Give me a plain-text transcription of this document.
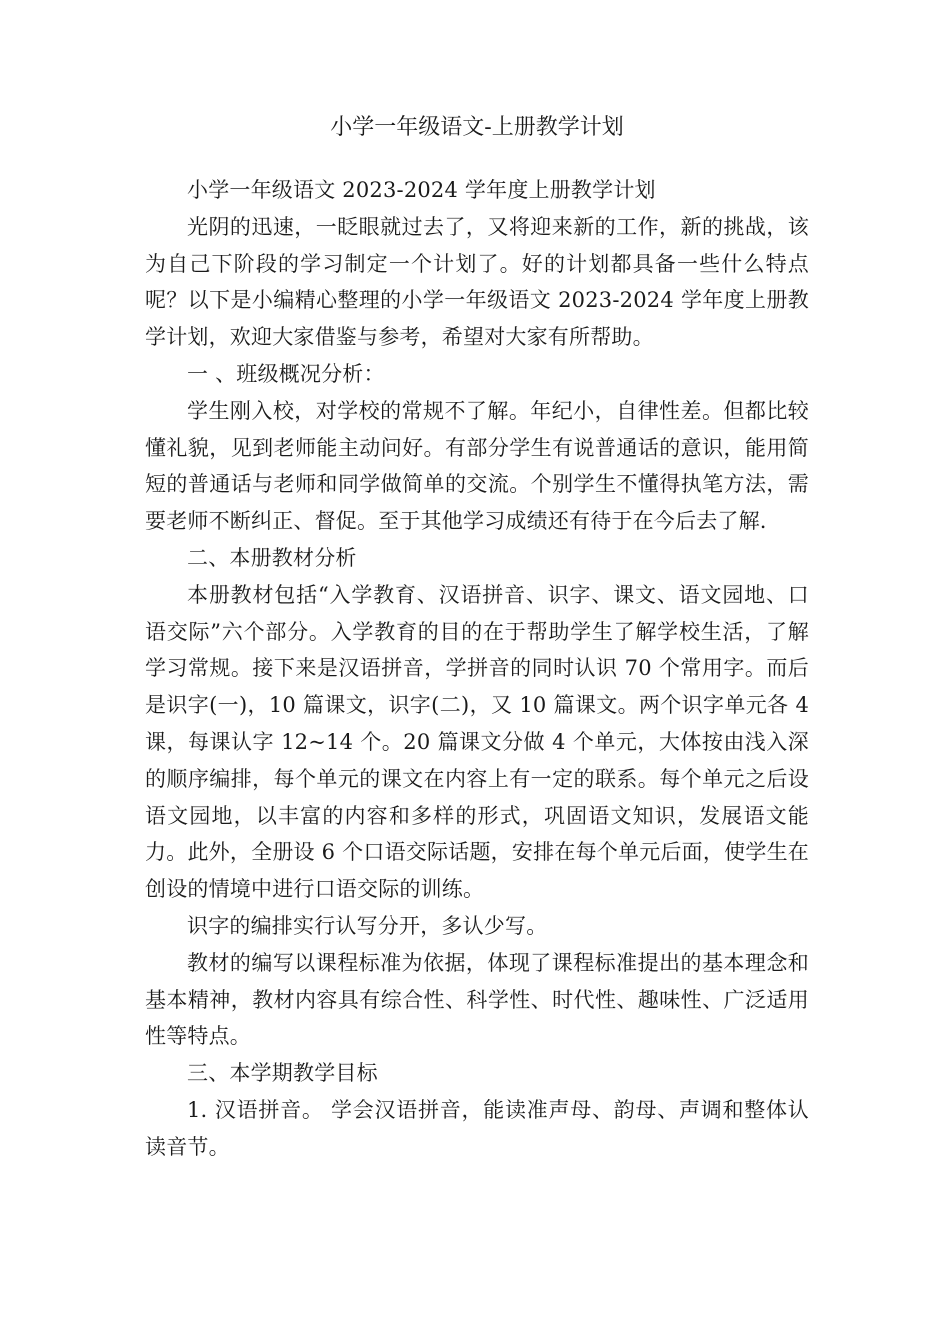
小学一年级语文-上册教学计划

小学一年级语文 2023-2024 学年度上册教学计划

光阴的迅速，一眨眼就过去了，又将迎来新的工作，新的挑战，该为自己下阶段的学习制定一个计划了。好的计划都具备一些什么特点呢？以下是小编精心整理的小学一年级语文 2023-2024 学年度上册教学计划，欢迎大家借鉴与参考，希望对大家有所帮助。

一 、班级概况分析：

学生刚入校，对学校的常规不了解。年纪小，自律性差。但都比较懂礼貌，见到老师能主动问好。有部分学生有说普通话的意识，能用简短的普通话与老师和同学做简单的交流。个别学生不懂得执笔方法，需要老师不断纠正、督促。至于其他学习成绩还有待于在今后去了解.

二、本册教材分析

本册教材包括“入学教育、汉语拼音、识字、课文、语文园地、口语交际”六个部分。入学教育的目的在于帮助学生了解学校生活，了解学习常规。接下来是汉语拼音，学拼音的同时认识 70 个常用字。而后是识字(一)，10 篇课文，识字(二)，又 10 篇课文。两个识字单元各 4 课，每课认字 12~14 个。20 篇课文分做 4 个单元，大体按由浅入深的顺序编排，每个单元的课文在内容上有一定的联系。每个单元之后设语文园地，以丰富的内容和多样的形式，巩固语文知识，发展语文能力。此外，全册设 6 个口语交际话题，安排在每个单元后面，使学生在创设的情境中进行口语交际的训练。

识字的编排实行认写分开，多认少写。

教材的编写以课程标准为依据，体现了课程标准提出的基本理念和基本精神，教材内容具有综合性、科学性、时代性、趣味性、广泛适用性等特点。

三、本学期教学目标

1. 汉语拼音。 学会汉语拼音，能读准声母、韵母、声调和整体认读音节。
